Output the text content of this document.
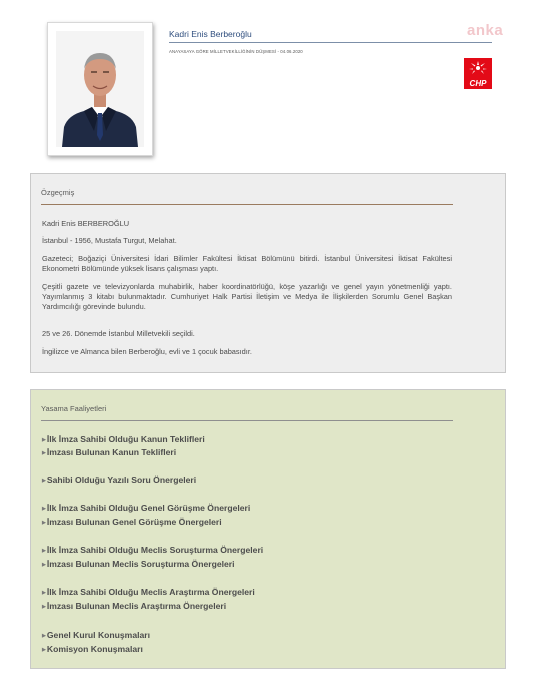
Kadri Enis Berberoğlu
ANAYASAYA GÖRE MİLLETVEKİLLİĞİNİN DÜŞMESİ - 04.06.2020
anka
CHP
Özgeçmiş

Kadri Enis BERBEROĞLU

İstanbul - 1956, Mustafa Turgut, Melahat.

Gazeteci; Boğaziçi Üniversitesi İdari Bilimler Fakültesi İktisat Bölümünü bitirdi. İstanbul Üniversitesi İktisat Fakültesi Ekonometri Bölümünde yüksek lisans çalışması yaptı.

Çeşitli gazete ve televizyonlarda muhabirlik, haber koordinatörlüğü, köşe yazarlığı ve genel yayın yönetmenliği yaptı. Yayımlanmış 3 kitabı bulunmaktadır. Cumhuriyet Halk Partisi İletişim ve Medya ile İlişkilerden Sorumlu Genel Başkan Yardımcılığı görevinde bulundu.

25 ve 26. Dönemde İstanbul Milletvekili seçildi.

İngilizce ve Almanca bilen Berberoğlu, evli ve 1 çocuk babasıdır.

Yasama Faaliyetleri
▶İlk İmza Sahibi Olduğu Kanun Teklifleri
▶İmzası Bulunan Kanun Teklifleri
▶Sahibi Olduğu Yazılı Soru Önergeleri
▶İlk İmza Sahibi Olduğu Genel Görüşme Önergeleri
▶İmzası Bulunan Genel Görüşme Önergeleri
▶İlk İmza Sahibi Olduğu Meclis Soruşturma Önergeleri
▶İmzası Bulunan Meclis Soruşturma Önergeleri
▶İlk İmza Sahibi Olduğu Meclis Araştırma Önergeleri
▶İmzası Bulunan Meclis Araştırma Önergeleri
▶Genel Kurul Konuşmaları
▶Komisyon Konuşmaları
